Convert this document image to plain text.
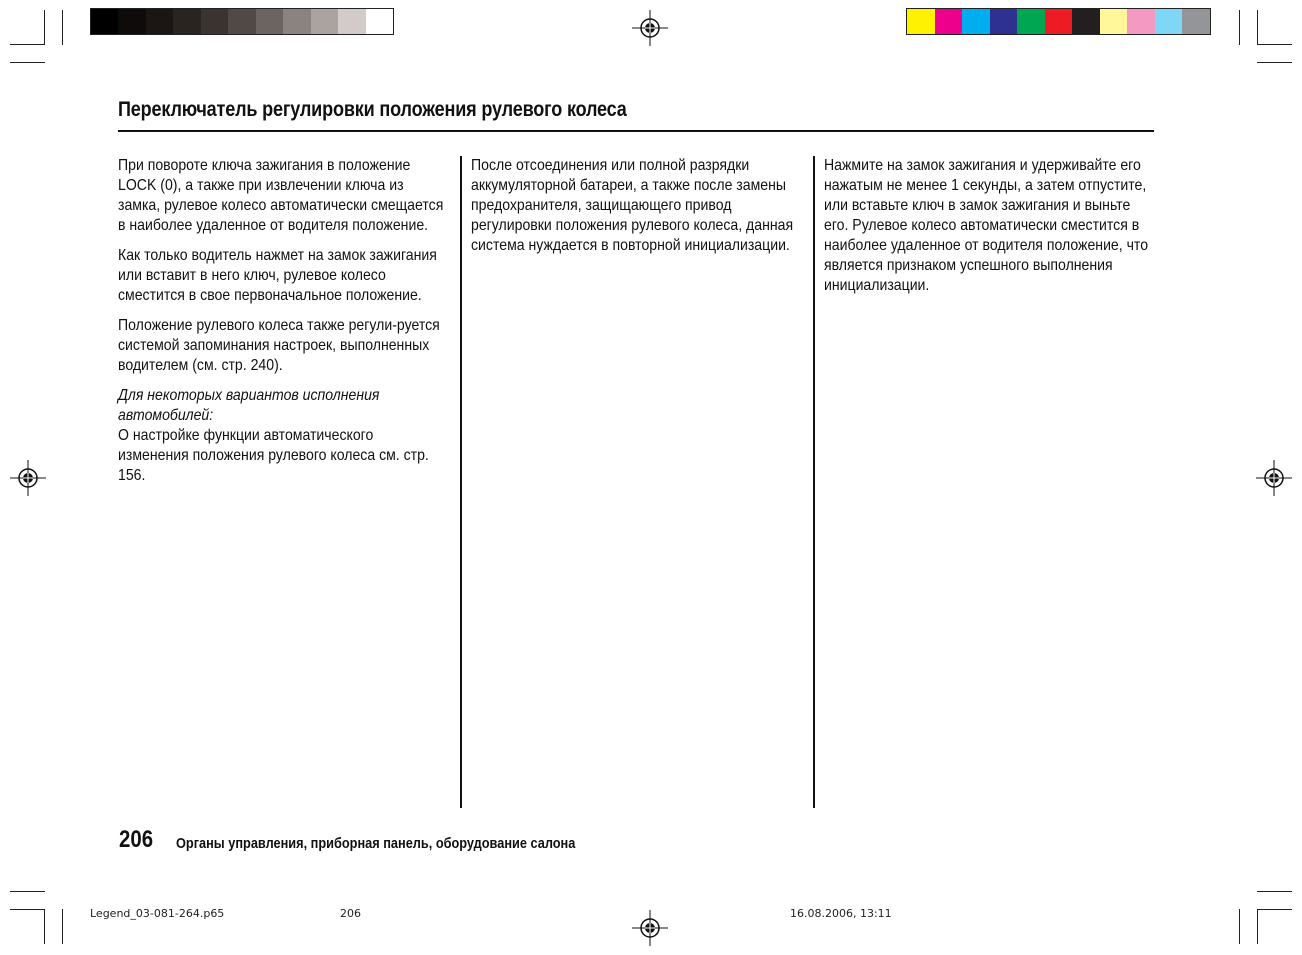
Переключатель регулировки положения рулевого колеса

При повороте ключа зажигания в положение LOCK (0), а также при извлечении ключа из замка, рулевое колесо автоматически смещается в наиболее удаленное от водителя положение.

Как только водитель нажмет на замок зажигания или вставит в него ключ, рулевое колесо сместится в свое первоначальное положение.

Положение рулевого колеса также регули-руется системой запоминания настроек, выполненных водителем (см. стр. 240).

Для некоторых вариантов исполнения автомобилей:

О настройке функции автоматического изменения положения рулевого колеса см. стр. 156.

После отсоединения или полной разрядки аккумуляторной батареи, а также после замены предохранителя, защищающего привод регулировки положения рулевого колеса, данная система нуждается в повторной инициализации.

Нажмите на замок зажигания и удерживайте его нажатым не менее 1 секунды, а затем отпустите, или вставьте ключ в замок зажигания и выньте его. Рулевое колесо автоматически сместится в наиболее удаленное от водителя положение, что является признаком успешного выполнения инициализации.

206 Органы управления, приборная панель, оборудование салона
Legend_03-081-264.p65	206	16.08.2006, 13:11
